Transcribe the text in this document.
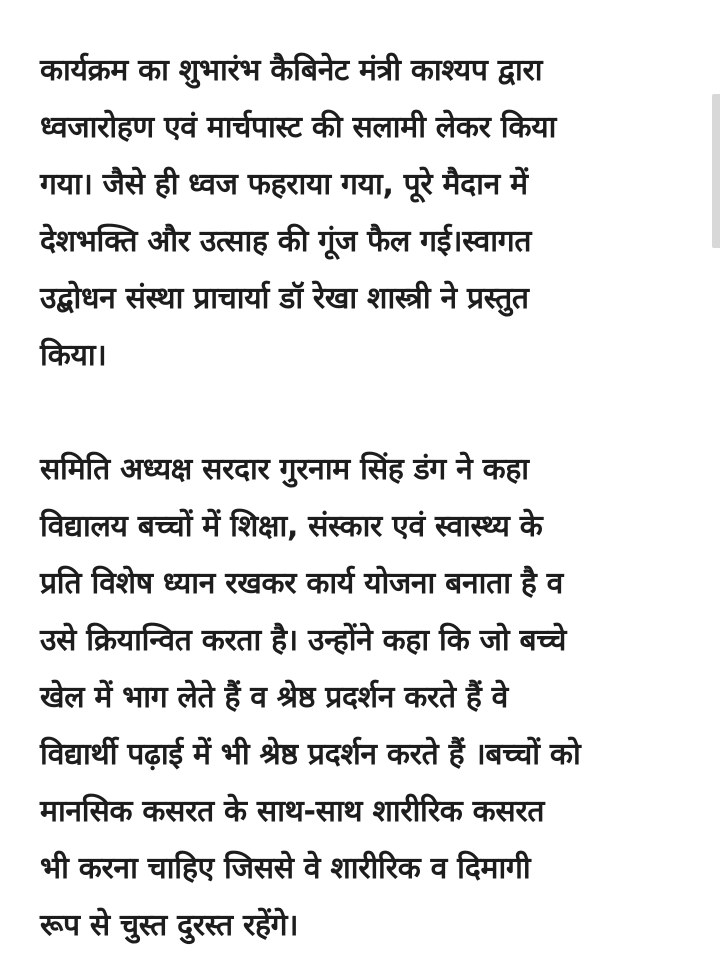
कार्यक्रम का शुभारंभ कैबिनेट मंत्री काश्यप द्वारा
ध्वजारोहण एवं मार्चपास्ट की सलामी लेकर किया
गया। जैसे ही ध्वज फहराया गया, पूरे मैदान में
देशभक्ति और उत्साह की गूंज फैल गई।स्वागत
उद्बोधन संस्था प्राचार्या डॉ रेखा शास्त्री ने प्रस्तुत
किया।

समिति अध्यक्ष सरदार गुरनाम सिंह डंग ने कहा
विद्यालय बच्चों में शिक्षा, संस्कार एवं स्वास्थ्य के
प्रति विशेष ध्यान रखकर कार्य योजना बनाता है व
उसे क्रियान्वित करता है। उन्होंने कहा कि जो बच्चे
खेल में भाग लेते हैं व श्रेष्ठ प्रदर्शन करते हैं वे
विद्यार्थी पढ़ाई में भी श्रेष्ठ प्रदर्शन करते हैं ।बच्चों को
मानसिक कसरत के साथ-साथ शारीरिक कसरत
भी करना चाहिए जिससे वे शारीरिक व दिमागी
रूप से चुस्त दुरस्त रहेंगे।
